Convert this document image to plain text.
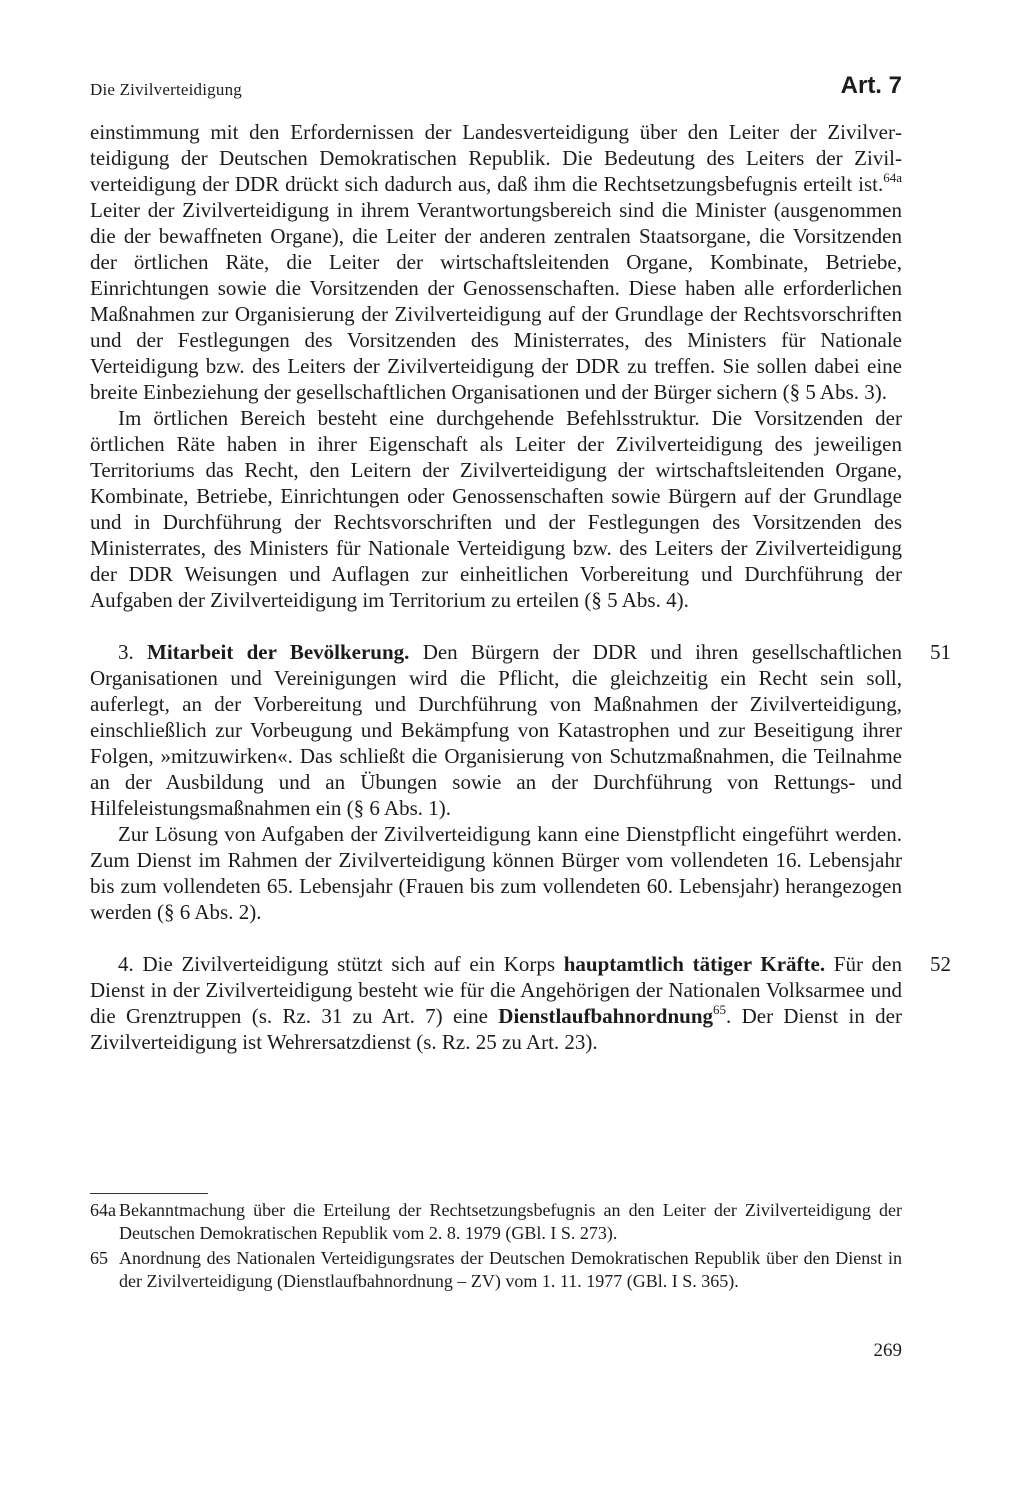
Die Zivilverteidigung	Art. 7

einstimmung mit den Erfordernissen der Landesverteidigung über den Leiter der Zivilverteidigung der Deutschen Demokratischen Republik. Die Bedeutung des Leiters der Zivilverteidigung der DDR drückt sich dadurch aus, daß ihm die Rechtsetzungsbefugnis erteilt ist.$^{64a}$ Leiter der Zivilverteidigung in ihrem Verantwortungsbereich sind die Minister (ausgenommen die der bewaffneten Organe), die Leiter der anderen zentralen Staatsorgane, die Vorsitzenden der örtlichen Räte, die Leiter der wirtschaftsleitenden Organe, Kombinate, Betriebe, Einrichtungen sowie die Vorsitzenden der Genossenschaften. Diese haben alle erforderlichen Maßnahmen zur Organisierung der Zivilverteidigung auf der Grundlage der Rechtsvorschriften und der Festlegungen des Vorsitzenden des Ministerrates, des Ministers für Nationale Verteidigung bzw. des Leiters der Zivilverteidigung der DDR zu treffen. Sie sollen dabei eine breite Einbeziehung der gesellschaftlichen Organisationen und der Bürger sichern (§ 5 Abs. 3).

Im örtlichen Bereich besteht eine durchgehende Befehlsstruktur. Die Vorsitzenden der örtlichen Räte haben in ihrer Eigenschaft als Leiter der Zivilverteidigung des jeweiligen Territoriums das Recht, den Leitern der Zivilverteidigung der wirtschaftsleitenden Organe, Kombinate, Betriebe, Einrichtungen oder Genossenschaften sowie Bürgern auf der Grundlage und in Durchführung der Rechtsvorschriften und der Festlegungen des Vorsitzenden des Ministerrates, des Ministers für Nationale Verteidigung bzw. des Leiters der Zivilverteidigung der DDR Weisungen und Auflagen zur einheitlichen Vorbereitung und Durchführung der Aufgaben der Zivilverteidigung im Territorium zu erteilen (§ 5 Abs. 4).

3. Mitarbeit der Bevölkerung. Den Bürgern der DDR und ihren gesellschaftlichen Organisationen und Vereinigungen wird die Pflicht, die gleichzeitig ein Recht sein soll, auferlegt, an der Vorbereitung und Durchführung von Maßnahmen der Zivilverteidigung, einschließlich zur Vorbeugung und Bekämpfung von Katastrophen und zur Beseitigung ihrer Folgen, »mitzuwirken«. Das schließt die Organisierung von Schutzmaßnahmen, die Teilnahme an der Ausbildung und an Übungen sowie an der Durchführung von Rettungs- und Hilfeleistungsmaßnahmen ein (§ 6 Abs. 1).

51

Zur Lösung von Aufgaben der Zivilverteidigung kann eine Dienstpflicht eingeführt werden. Zum Dienst im Rahmen der Zivilverteidigung können Bürger vom vollendeten 16. Lebensjahr bis zum vollendeten 65. Lebensjahr (Frauen bis zum vollendeten 60. Lebensjahr) herangezogen werden (§ 6 Abs. 2).

4. Die Zivilverteidigung stützt sich auf ein Korps hauptamtlich tätiger Kräfte. Für den Dienst in der Zivilverteidigung besteht wie für die Angehörigen der Nationalen Volksarmee und die Grenztruppen (s. Rz. 31 zu Art. 7) eine Dienstlaufbahnordnung$^{65}$. Der Dienst in der Zivilverteidigung ist Wehrersatzdienst (s. Rz. 25 zu Art. 23).

52

64a Bekanntmachung über die Erteilung der Rechtsetzungsbefugnis an den Leiter der Zivilverteidigung der Deutschen Demokratischen Republik vom 2. 8. 1979 (GBl. I S. 273).

65 Anordnung des Nationalen Verteidigungsrates der Deutschen Demokratischen Republik über den Dienst in der Zivilverteidigung (Dienstlaufbahnordnung – ZV) vom 1. 11. 1977 (GBl. I S. 365).

269
